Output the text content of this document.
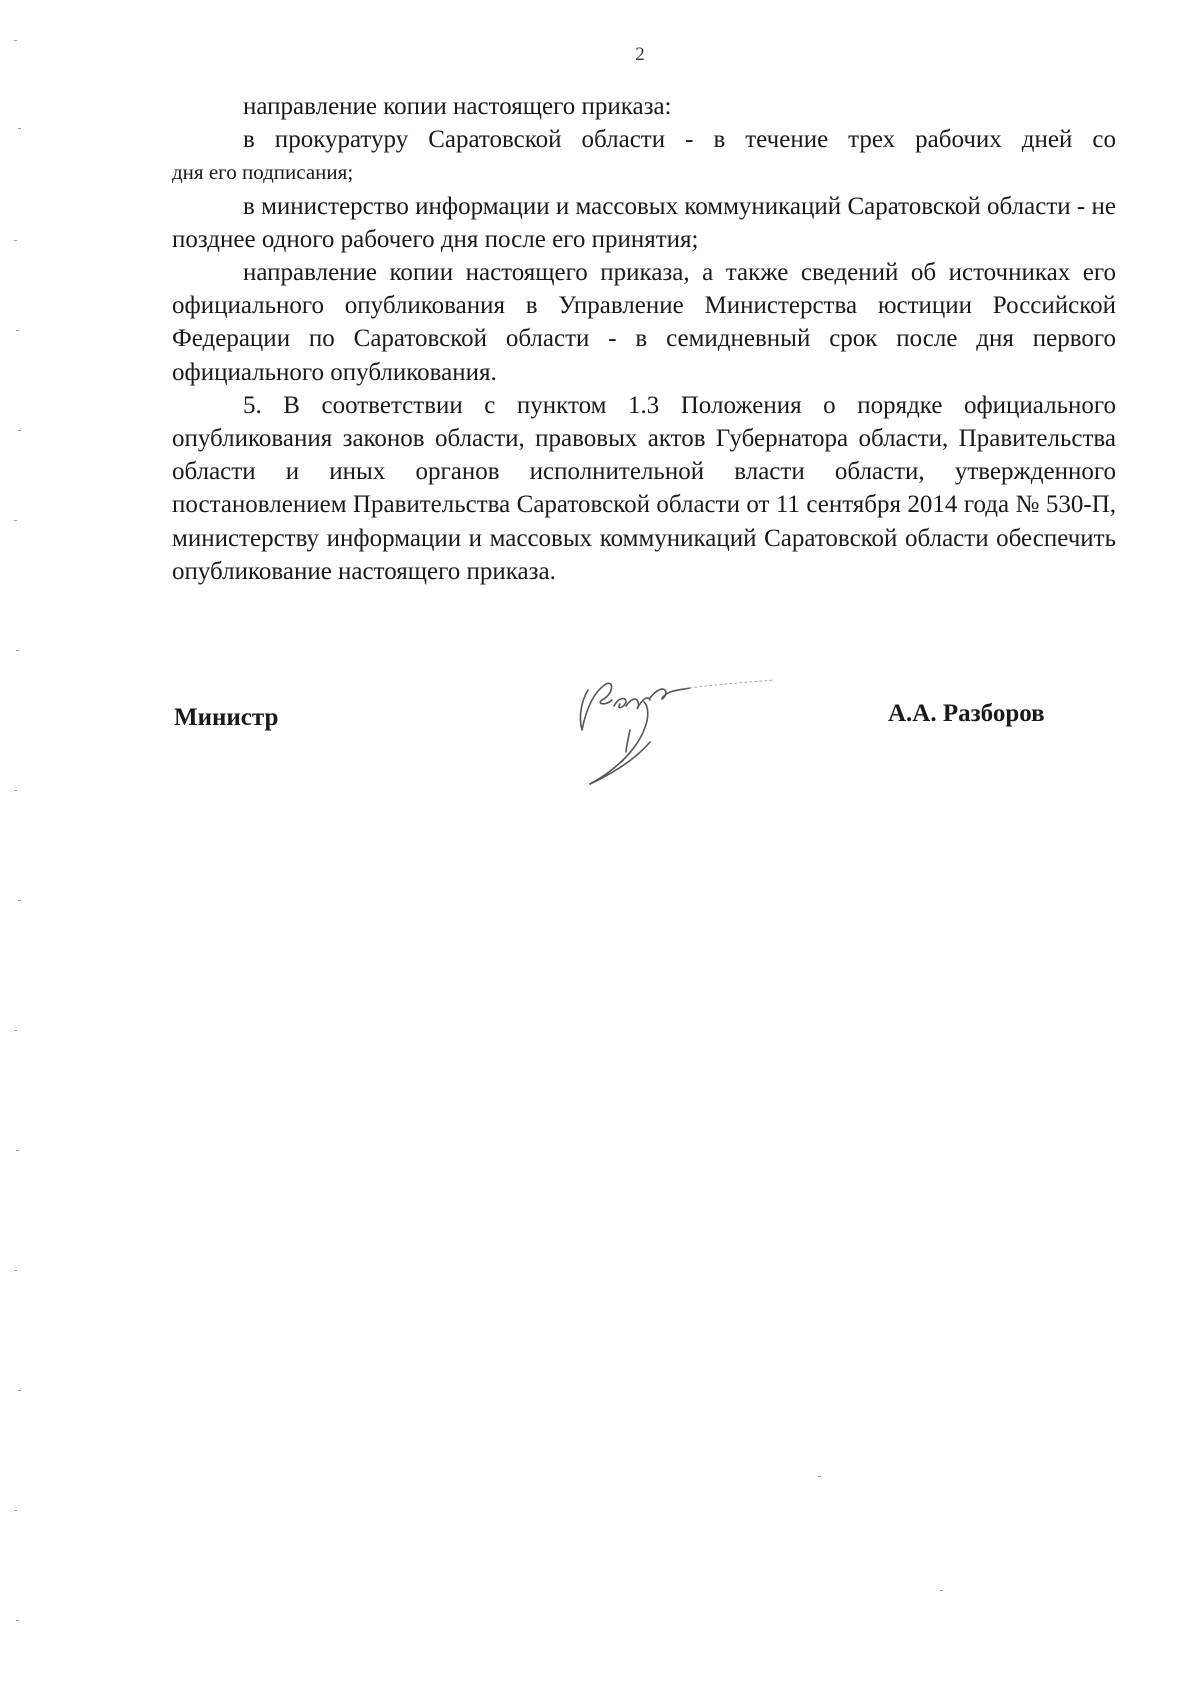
2

направление копии настоящего приказа:

в прокуратуру Саратовской области - в течение трех рабочих дней со

дня его подписания;

в министерство информации и массовых коммуникаций Саратовской области - не позднее одного рабочего дня после его принятия;

направление копии настоящего приказа, а также сведений об источниках его официального опубликования в Управление Министерства юстиции Российской Федерации по Саратовской области - в семидневный срок после дня первого официального опубликования.

5. В соответствии с пунктом 1.3 Положения о порядке официального опубликования законов области, правовых актов Губернатора области, Правительства области и иных органов исполнительной власти области, утвержденного постановлением Правительства Саратовской области от 11 сентября 2014 года № 530-П, министерству информации и массовых коммуникаций Саратовской области обеспечить опубликование настоящего приказа.

Министр	А.А. Разборов
